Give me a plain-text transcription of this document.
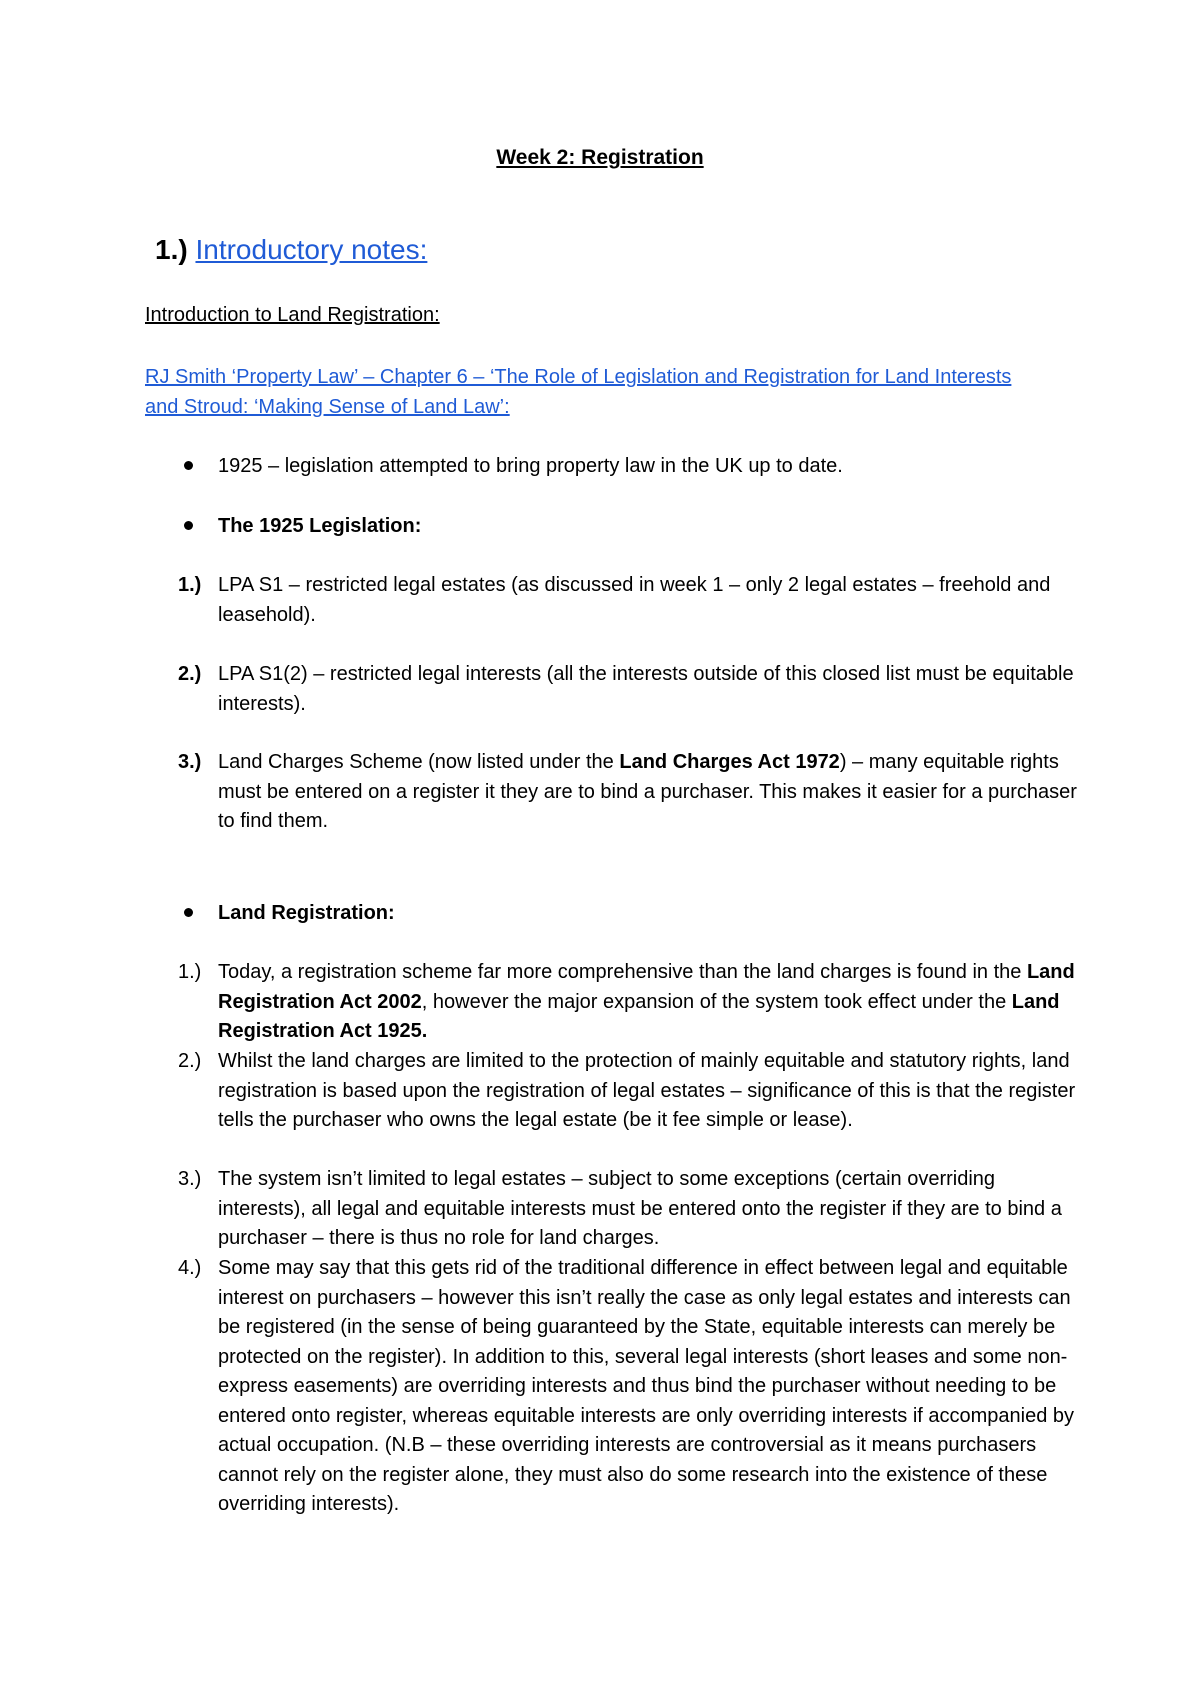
Week 2: Registration
1.) Introductory notes:
Introduction to Land Registration:

RJ Smith ‘Property Law’ – Chapter 6 – ‘The Role of Legislation and Registration for Land Interests and Stroud: ‘Making Sense of Land Law’:

1925 – legislation attempted to bring property law in the UK up to date.
The 1925 Legislation:
1.) LPA S1 – restricted legal estates (as discussed in week 1 – only 2 legal estates – freehold and leasehold).
2.) LPA S1(2) – restricted legal interests (all the interests outside of this closed list must be equitable interests).
3.) Land Charges Scheme (now listed under the Land Charges Act 1972) – many equitable rights must be entered on a register it they are to bind a purchaser. This makes it easier for a purchaser to find them.
Land Registration:
1.) Today, a registration scheme far more comprehensive than the land charges is found in the Land Registration Act 2002, however the major expansion of the system took effect under the Land Registration Act 1925.
2.) Whilst the land charges are limited to the protection of mainly equitable and statutory rights, land registration is based upon the registration of legal estates – significance of this is that the register tells the purchaser who owns the legal estate (be it fee simple or lease).
3.) The system isn’t limited to legal estates – subject to some exceptions (certain overriding interests), all legal and equitable interests must be entered onto the register if they are to bind a purchaser – there is thus no role for land charges.
4.) Some may say that this gets rid of the traditional difference in effect between legal and equitable interest on purchasers – however this isn’t really the case as only legal estates and interests can be registered (in the sense of being guaranteed by the State, equitable interests can merely be protected on the register). In addition to this, several legal interests (short leases and some non-express easements) are overriding interests and thus bind the purchaser without needing to be entered onto register, whereas equitable interests are only overriding interests if accompanied by actual occupation. (N.B – these overriding interests are controversial as it means purchasers cannot rely on the register alone, they must also do some research into the existence of these overriding interests).
